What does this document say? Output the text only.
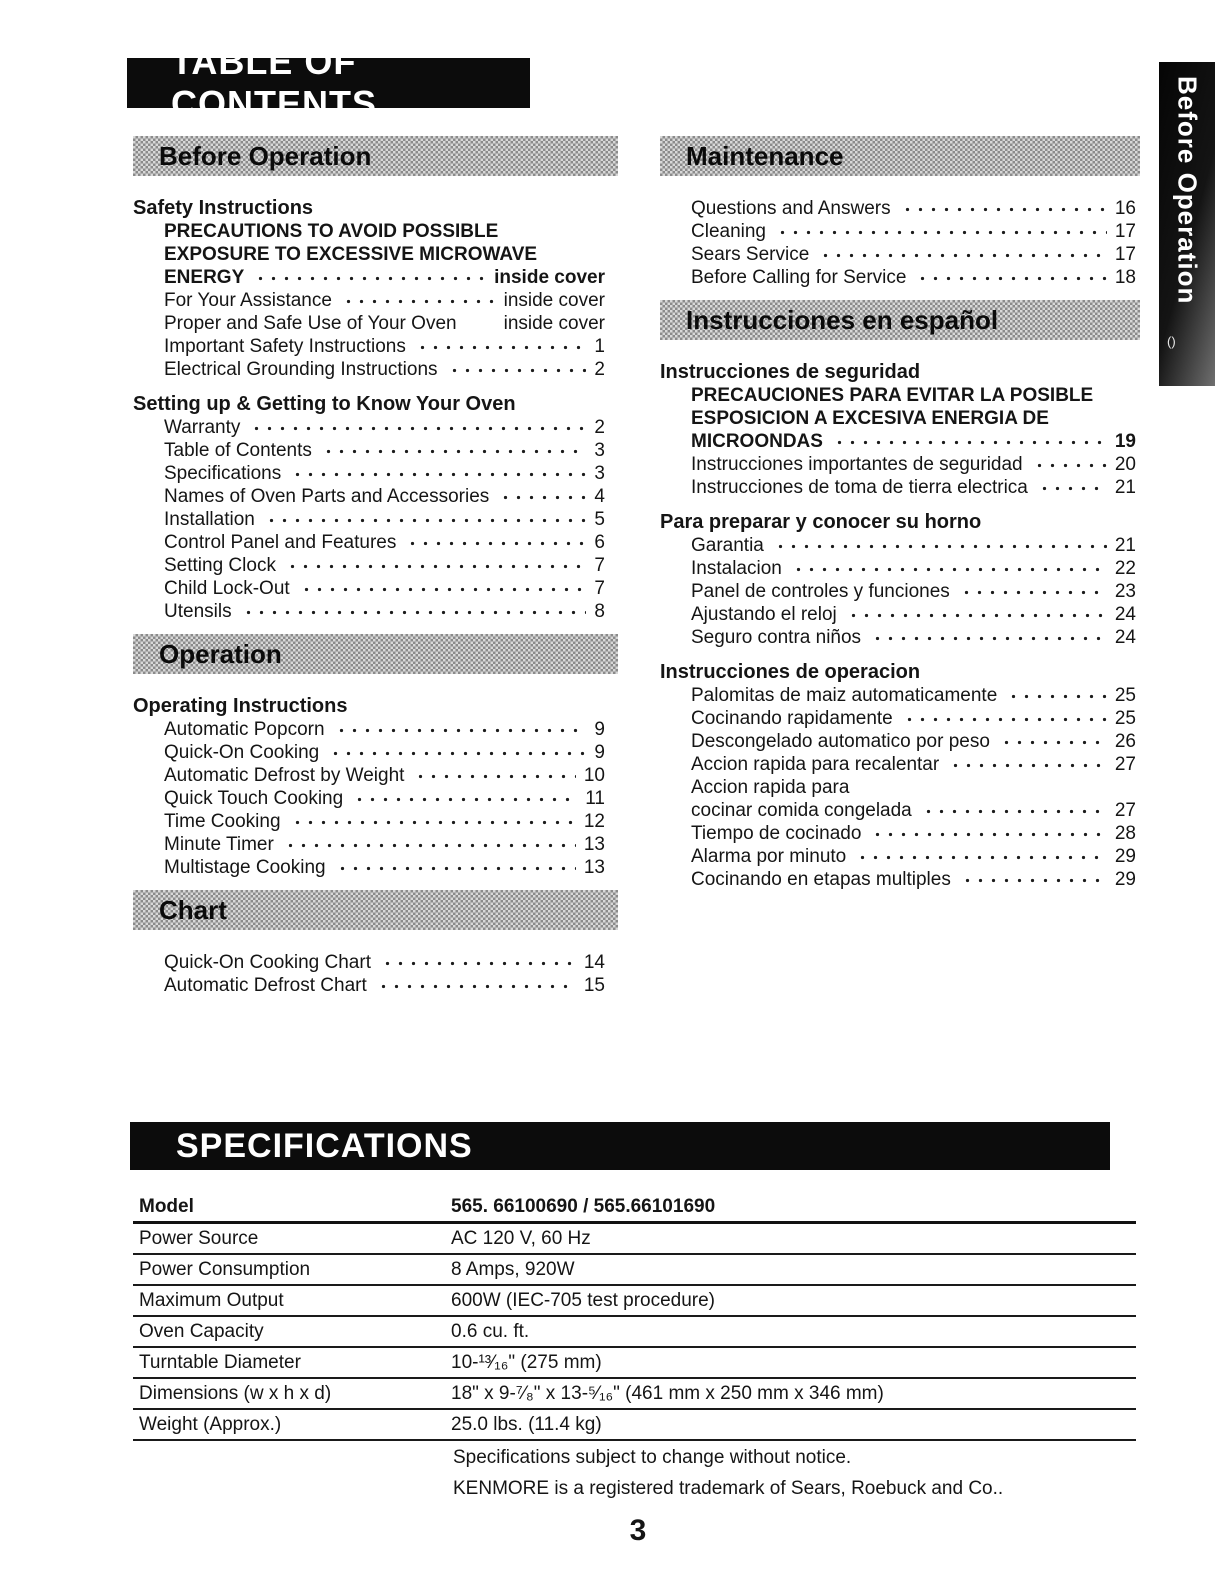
TABLE OF CONTENTS	Before Operation
()
Before Operation
Safety Instructions
PRECAUTIONS TO AVOID POSSIBLE
EXPOSURE TO EXCESSIVE MICROWAVE
ENERGY	inside cover
For Your Assistance	inside cover
Proper and Safe Use of Your Oven inside cover
Important Safety Instructions	1
Electrical Grounding Instructions	2
Setting up & Getting to Know Your Oven
Warranty	2
Table of Contents	3
Specifications	3
Names of Oven Parts and Accessories	4
Installation	5
Control Panel and Features	6
Setting Clock	7
Child Lock-Out	7
Utensils	8
Operation
Operating Instructions
Automatic Popcorn	9
Quick-On Cooking	9
Automatic Defrost by Weight	10
Quick Touch Cooking	11
Time Cooking	12
Minute Timer	13
Multistage Cooking	13
Chart
Quick-On Cooking Chart	14
Automatic Defrost Chart	15
Maintenance
Questions and Answers	16
Cleaning	17
Sears Service	17
Before Calling for Service	18
Instrucciones en español
Instrucciones de seguridad
PRECAUCIONES PARA EVITAR LA POSIBLE
ESPOSICION A EXCESIVA ENERGIA DE
MICROONDAS	19
Instrucciones importantes de seguridad	20
Instrucciones de toma de tierra electrica	21
Para preparar y conocer su horno
Garantia	21
Instalacion	22
Panel de controles y funciones	23
Ajustando el reloj	24
Seguro contra niños	24
Instrucciones de operacion
Palomitas de maiz automaticamente	25
Cocinando rapidamente	25
Descongelado automatico por peso	26
Accion rapida para recalentar	27
Accion rapida para
cocinar comida congelada	27
Tiempo de cocinado	28
Alarma por minuto	29
Cocinando en etapas multiples	29
SPECIFICATIONS
Model	565. 66100690 / 565.66101690
Power Source	AC 120 V, 60 Hz
Power Consumption	8 Amps, 920W
Maximum Output	600W (IEC-705 test procedure)
Oven Capacity	0.6 cu. ft.
Turntable Diameter	10-¹³⁄₁₆" (275 mm)
Dimensions (w x h x d)	18" x 9-⁷⁄₈" x 13-⁵⁄₁₆" (461 mm x 250 mm x 346 mm)
Weight (Approx.)	25.0 lbs. (11.4 kg)
Specifications subject to change without notice.
KENMORE is a registered trademark of Sears, Roebuck and Co..
3
